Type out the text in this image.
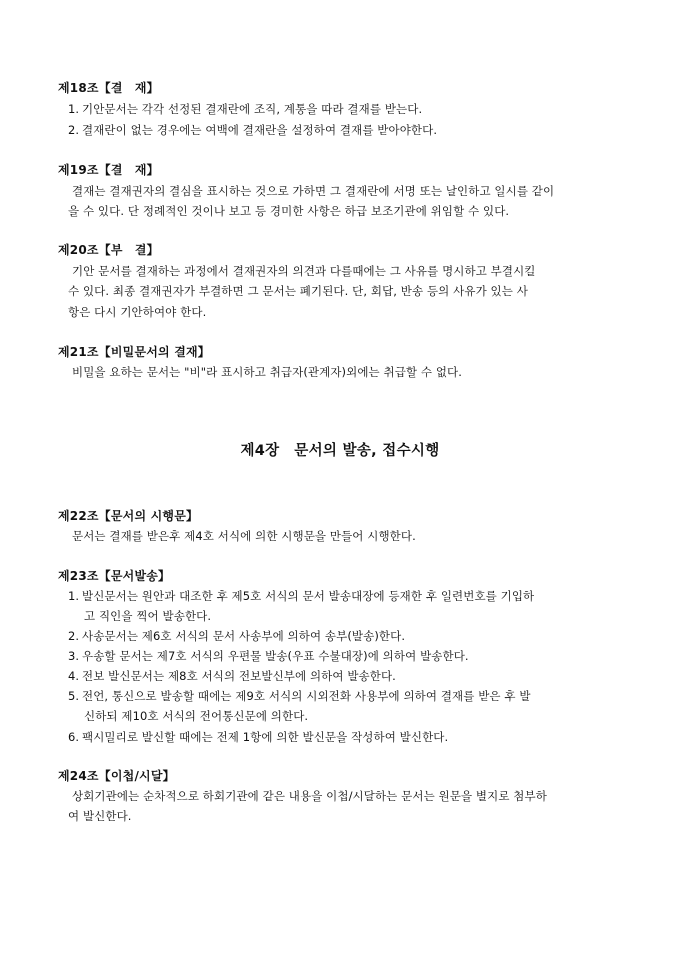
제18조【결　재】
1. 기안문서는 각각 선정된 결재란에 조직, 계통을 따라 결재를 받는다.
2. 결재란이 없는 경우에는 여백에 결재란을 설정하여 결재를 받아야한다.
제19조【결　재】
결재는 결재권자의 결심을 표시하는 것으로 가하면 그 결재란에 서명 또는 날인하고 일시를 같이
을 수 있다. 단 정례적인 것이나 보고 등 경미한 사항은 하급 보조기관에 위임할 수 있다.
제20조【부　결】
기안 문서를 결재하는 과정에서 결재권자의 의견과 다를때에는 그 사유를 명시하고 부결시킬
수 있다. 최종 결재권자가 부결하면 그 문서는 폐기된다. 단, 회답, 반송 등의 사유가 있는 사
항은 다시 기안하여야 한다.
제21조【비밀문서의 결재】
비밀을 요하는 문서는 "비"라 표시하고 취급자(관계자)외에는 취급할 수 없다.
제4장　문서의 발송, 접수시행
제22조【문서의 시행문】
문서는 결재를 받은후 제4호 서식에 의한 시행문을 만들어 시행한다.
제23조【문서발송】
1. 발신문서는 원안과 대조한 후 제5호 서식의 문서 발송대장에 등재한 후 일련번호를 기입하
고 직인을 찍어 발송한다.
2. 사송문서는 제6호 서식의 문서 사송부에 의하여 송부(발송)한다.
3. 우송할 문서는 제7호 서식의 우편물 발송(우표 수불대장)에 의하여 발송한다.
4. 전보 발신문서는 제8호 서식의 전보발신부에 의하여 발송한다.
5. 전언, 통신으로 발송할 때에는 제9호 서식의 시외전화 사용부에 의하여 결재를 받은 후 발
신하되 제10호 서식의 전어통신문에 의한다.
6. 팩시밀리로 발신할 때에는 전제 1항에 의한 발신문을 작성하여 발신한다.
제24조【이첩/시달】
상회기관에는 순차적으로 하회기관에 같은 내용을 이첩/시달하는 문서는 원문을 별지로 첨부하
여 발신한다.
